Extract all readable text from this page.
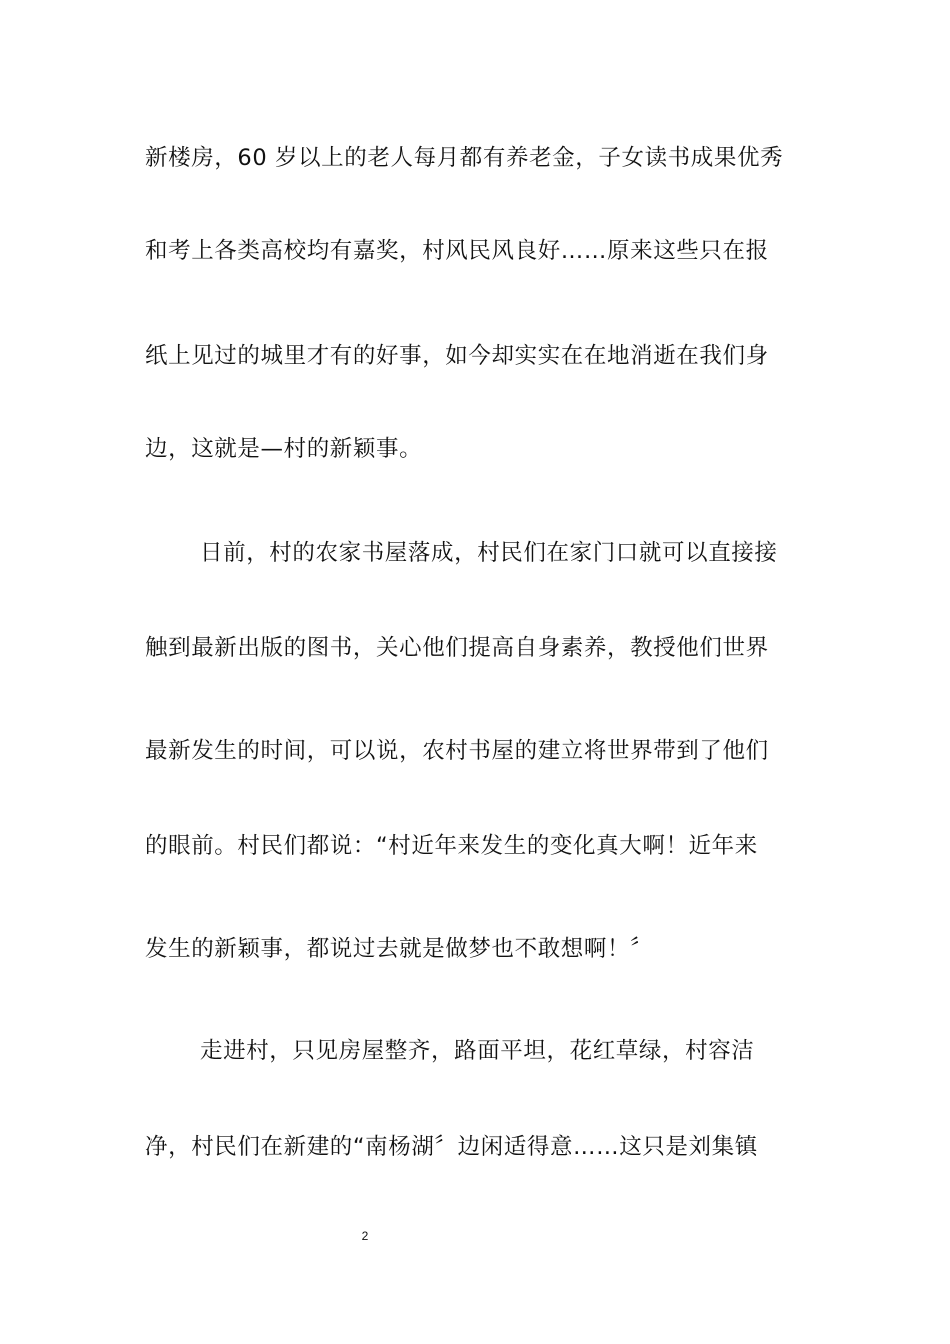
新楼房，60 岁以上的老人每月都有养老金，子女读书成果优秀
和考上各类高校均有嘉奖，村风民风良好……原来这些只在报
纸上见过的城里才有的好事，如今却实实在在地消逝在我们身
边，这就是—村的新颖事。
日前，村的农家书屋落成，村民们在家门口就可以直接接
触到最新出版的图书，关心他们提高自身素养，教授他们世界
最新发生的时间，可以说，农村书屋的建立将世界带到了他们
的眼前。村民们都说：“村近年来发生的变化真大啊！近年来
发生的新颖事，都说过去就是做梦也不敢想啊！〞
走进村，只见房屋整齐，路面平坦，花红草绿，村容洁
净，村民们在新建的“南杨湖〞边闲适得意……这只是刘集镇
2
